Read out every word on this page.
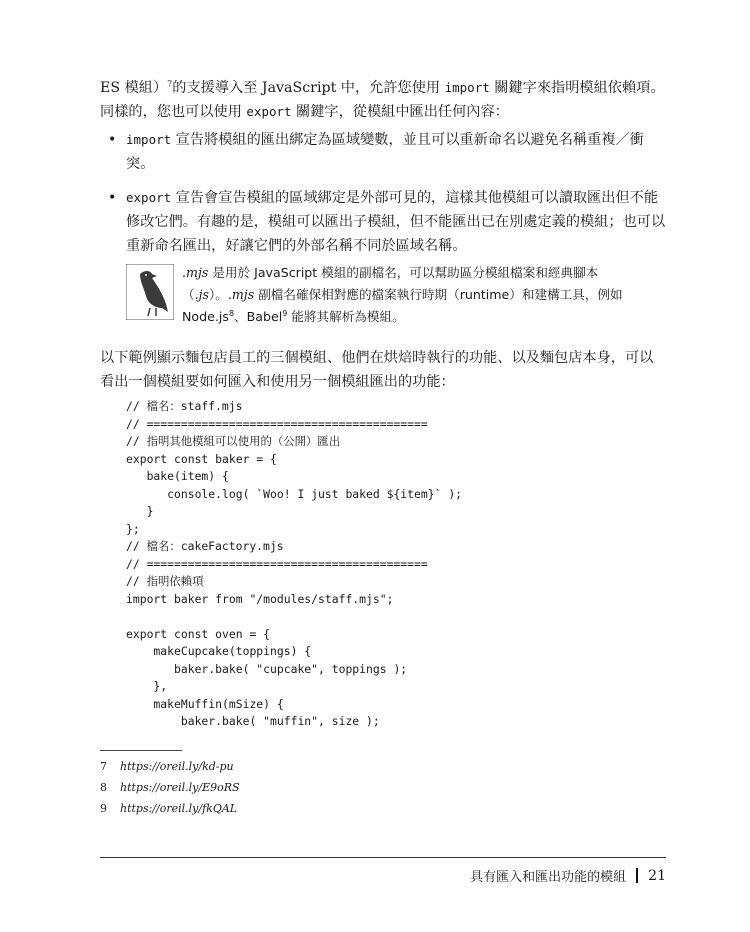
ES 模組）$^7$的支援導入至 JavaScript 中，允許您使用 import 關鍵字來指明模組依賴項。
同樣的，您也可以使用 export 關鍵字，從模組中匯出任何內容：

• import 宣告將模組的匯出綁定為區域變數，並且可以重新命名以避免名稱重複／衝突。
• export 宣告會宣告模組的區域綁定是外部可見的，這樣其他模組可以讀取匯出但不能修改它們。有趣的是，模組可以匯出子模組，但不能匯出已在別處定義的模組；也可以重新命名匯出，好讓它們的外部名稱不同於區域名稱。
.mjs 是用於 JavaScript 模組的副檔名，可以幫助區分模組檔案和經典腳本（.js）。.mjs 副檔名確保相對應的檔案執行時期（runtime）和建構工具，例如 $Node.js^8$、Babel$^9$ 能將其解析為模組。

以下範例顯示麵包店員工的三個模組、他們在烘焙時執行的功能、以及麵包店本身，可以看出一個模組要如何匯入和使用另一個模組匯出的功能：

// 檔名：staff.mjs
// =========================================
// 指明其他模組可以使用的（公開）匯出
export const baker = {
bake(item) {
console.log( `Woo! I just baked ${item}` );
}
};
// 檔名：cakeFactory.mjs
// =========================================
// 指明依賴項
import baker from "/modules/staff.mjs";

export const oven = {
makeCupcake(toppings) {
baker.bake( "cupcake", toppings );
},
makeMuffin(mSize) {
baker.bake( "muffin", size );
7	https://oreil.ly/kd-pu
8	https://oreil.ly/E9oRS
9	https://oreil.ly/fkQAL
具有匯入和匯出功能的模組 21
